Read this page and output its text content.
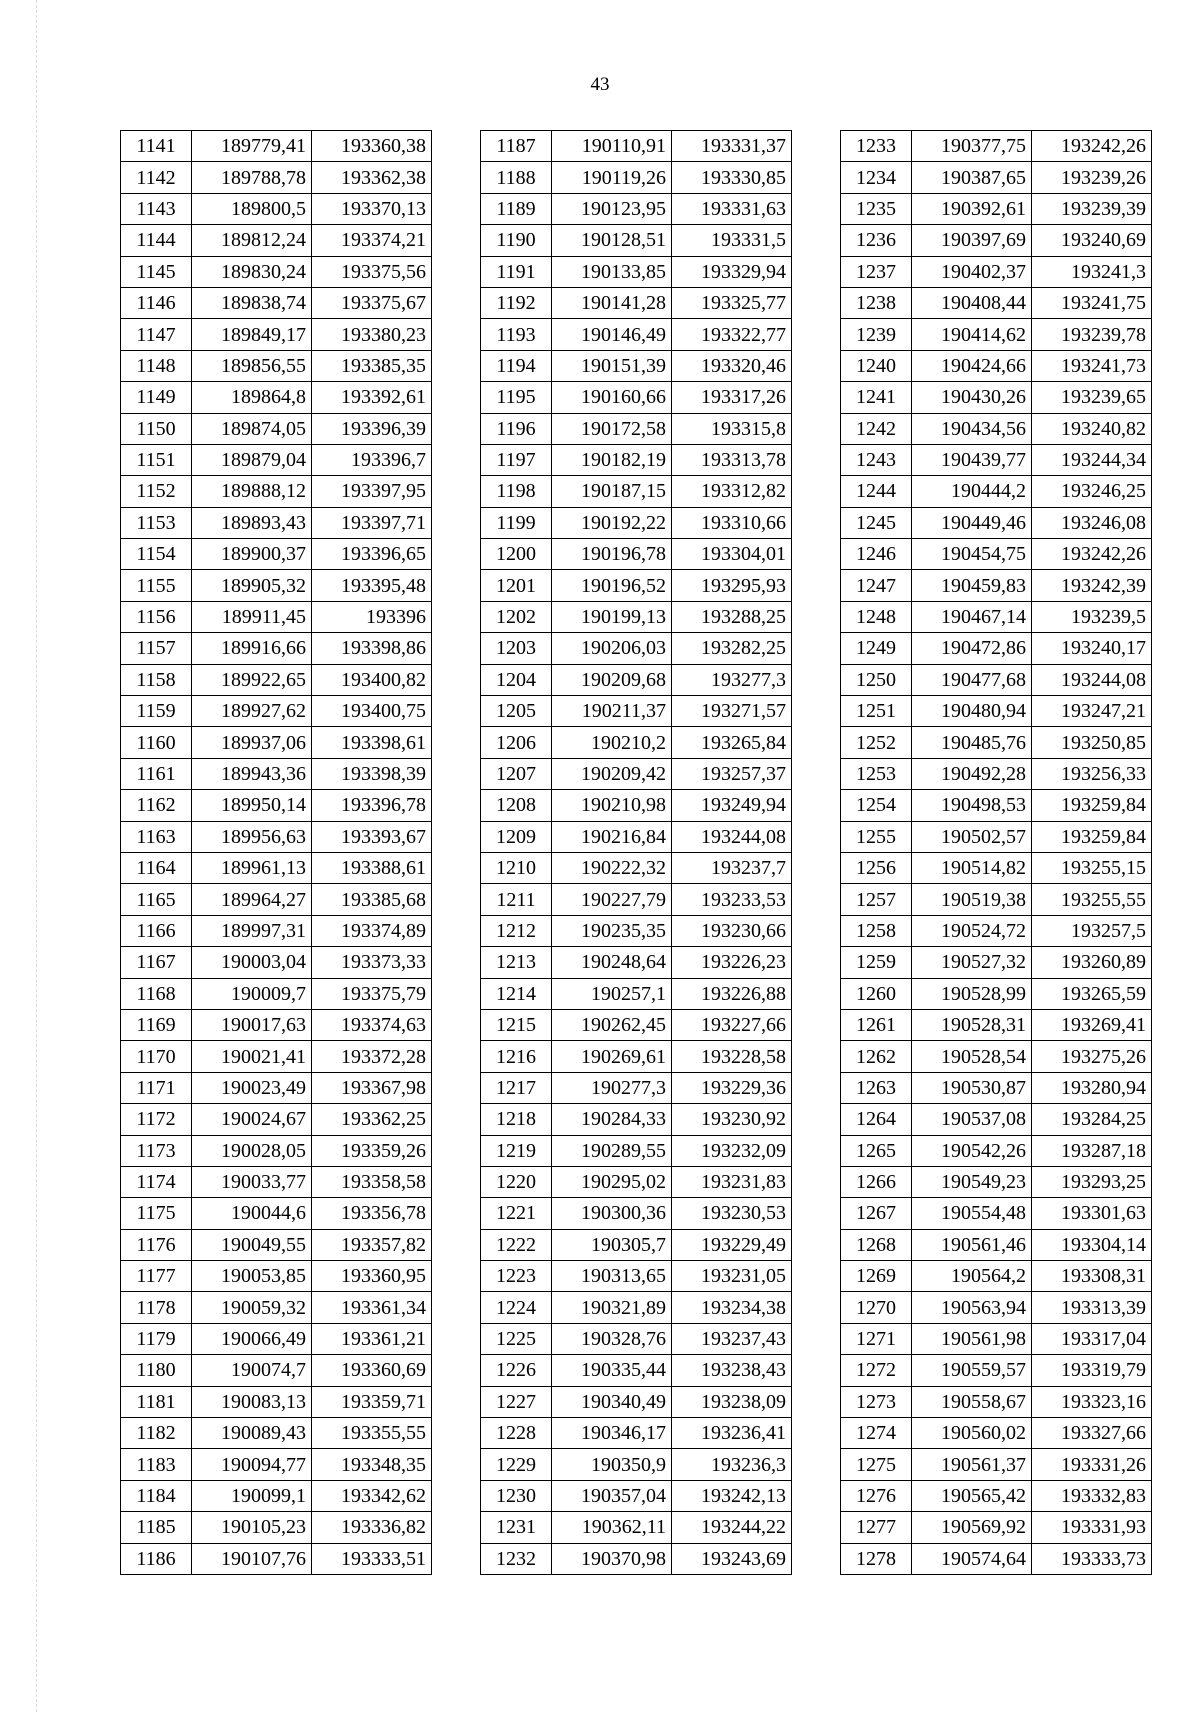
43
1141	189779,41	193360,38
1142	189788,78	193362,38
1143	189800,5	193370,13
1144	189812,24	193374,21
1145	189830,24	193375,56
1146	189838,74	193375,67
1147	189849,17	193380,23
1148	189856,55	193385,35
1149	189864,8	193392,61
1150	189874,05	193396,39
1151	189879,04	193396,7
1152	189888,12	193397,95
1153	189893,43	193397,71
1154	189900,37	193396,65
1155	189905,32	193395,48
1156	189911,45	193396
1157	189916,66	193398,86
1158	189922,65	193400,82
1159	189927,62	193400,75
1160	189937,06	193398,61
1161	189943,36	193398,39
1162	189950,14	193396,78
1163	189956,63	193393,67
1164	189961,13	193388,61
1165	189964,27	193385,68
1166	189997,31	193374,89
1167	190003,04	193373,33
1168	190009,7	193375,79
1169	190017,63	193374,63
1170	190021,41	193372,28
1171	190023,49	193367,98
1172	190024,67	193362,25
1173	190028,05	193359,26
1174	190033,77	193358,58
1175	190044,6	193356,78
1176	190049,55	193357,82
1177	190053,85	193360,95
1178	190059,32	193361,34
1179	190066,49	193361,21
1180	190074,7	193360,69
1181	190083,13	193359,71
1182	190089,43	193355,55
1183	190094,77	193348,35
1184	190099,1	193342,62
1185	190105,23	193336,82
1186	190107,76	193333,51
1187	190110,91	193331,37
1188	190119,26	193330,85
1189	190123,95	193331,63
1190	190128,51	193331,5
1191	190133,85	193329,94
1192	190141,28	193325,77
1193	190146,49	193322,77
1194	190151,39	193320,46
1195	190160,66	193317,26
1196	190172,58	193315,8
1197	190182,19	193313,78
1198	190187,15	193312,82
1199	190192,22	193310,66
1200	190196,78	193304,01
1201	190196,52	193295,93
1202	190199,13	193288,25
1203	190206,03	193282,25
1204	190209,68	193277,3
1205	190211,37	193271,57
1206	190210,2	193265,84
1207	190209,42	193257,37
1208	190210,98	193249,94
1209	190216,84	193244,08
1210	190222,32	193237,7
1211	190227,79	193233,53
1212	190235,35	193230,66
1213	190248,64	193226,23
1214	190257,1	193226,88
1215	190262,45	193227,66
1216	190269,61	193228,58
1217	190277,3	193229,36
1218	190284,33	193230,92
1219	190289,55	193232,09
1220	190295,02	193231,83
1221	190300,36	193230,53
1222	190305,7	193229,49
1223	190313,65	193231,05
1224	190321,89	193234,38
1225	190328,76	193237,43
1226	190335,44	193238,43
1227	190340,49	193238,09
1228	190346,17	193236,41
1229	190350,9	193236,3
1230	190357,04	193242,13
1231	190362,11	193244,22
1232	190370,98	193243,69
1233	190377,75	193242,26
1234	190387,65	193239,26
1235	190392,61	193239,39
1236	190397,69	193240,69
1237	190402,37	193241,3
1238	190408,44	193241,75
1239	190414,62	193239,78
1240	190424,66	193241,73
1241	190430,26	193239,65
1242	190434,56	193240,82
1243	190439,77	193244,34
1244	190444,2	193246,25
1245	190449,46	193246,08
1246	190454,75	193242,26
1247	190459,83	193242,39
1248	190467,14	193239,5
1249	190472,86	193240,17
1250	190477,68	193244,08
1251	190480,94	193247,21
1252	190485,76	193250,85
1253	190492,28	193256,33
1254	190498,53	193259,84
1255	190502,57	193259,84
1256	190514,82	193255,15
1257	190519,38	193255,55
1258	190524,72	193257,5
1259	190527,32	193260,89
1260	190528,99	193265,59
1261	190528,31	193269,41
1262	190528,54	193275,26
1263	190530,87	193280,94
1264	190537,08	193284,25
1265	190542,26	193287,18
1266	190549,23	193293,25
1267	190554,48	193301,63
1268	190561,46	193304,14
1269	190564,2	193308,31
1270	190563,94	193313,39
1271	190561,98	193317,04
1272	190559,57	193319,79
1273	190558,67	193323,16
1274	190560,02	193327,66
1275	190561,37	193331,26
1276	190565,42	193332,83
1277	190569,92	193331,93
1278	190574,64	193333,73
